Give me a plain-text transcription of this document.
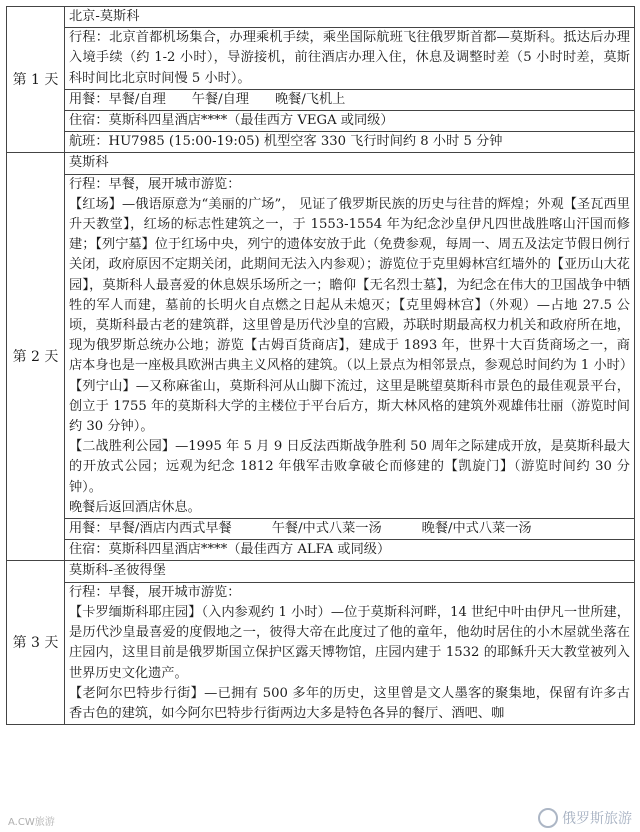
第 1 天	北京-莫斯科
	行程：北京首都机场集合，办理乘机手续，乘坐国际航班飞往俄罗斯首都—莫斯科。抵达后办理入境手续（约 1-2 小时），导游接机，前往酒店办理入住，休息及调整时差（5 小时时差，莫斯科时间比北京时间慢 5 小时）。
	用餐：早餐/自理 午餐/自理 晚餐/飞机上
	住宿：莫斯科四星酒店****（最佳西方 VEGA 或同级）
	航班：HU7985 (15:00-19:05) 机型空客 330 飞行时间约 8 小时 5 分钟
第 2 天	莫斯科

	行程：早餐，展开城市游览：
【红场】—俄语原意为“美丽的广场”， 见证了俄罗斯民族的历史与往昔的辉煌；外观【圣瓦西里升天教堂】，红场的标志性建筑之一，于 1553-1554 年为纪念沙皇伊凡四世战胜喀山汗国而修建；【列宁墓】位于红场中央，列宁的遗体安放于此（免费参观，每周一、周五及法定节假日例行关闭，政府原因不定期关闭，此期间无法入内参观）；游览位于克里姆林宫红墙外的【亚历山大花园】，莫斯科人最喜爱的休息娱乐场所之一；瞻仰【无名烈士墓】，为纪念在伟大的卫国战争中牺牲的军人而建，墓前的长明火自点燃之日起从未熄灭；【克里姆林宫】（外观）—占地 27.5 公顷，莫斯科最古老的建筑群，这里曾是历代沙皇的宫殿，苏联时期最高权力机关和政府所在地，现为俄罗斯总统办公地；游览【古姆百货商店】，建成于 1893 年，世界十大百货商场之一，商店本身也是一座极具欧洲古典主义风格的建筑。（以上景点为相邻景点，参观总时间约为 1 小时）
【列宁山】—又称麻雀山，莫斯科河从山脚下流过，这里是眺望莫斯科市景色的最佳观景平台，创立于 1755 年的莫斯科大学的主楼位于平台后方，斯大林风格的建筑外观雄伟壮丽（游览时间约 30 分钟）。
【二战胜利公园】—1995 年 5 月 9 日反法西斯战争胜利 50 周年之际建成开放，是莫斯科最大的开放式公园；远观为纪念 1812 年俄军击败拿破仑而修建的【凯旋门】（游览时间约 30 分钟）。
晚餐后返回酒店休息。

	用餐：早餐/酒店内西式早餐 午餐/中式八菜一汤 晚餐/中式八菜一汤
	住宿：莫斯科四星酒店****（最佳西方 ALFA 或同级）
第 3 天	莫斯科-圣彼得堡

	行程：早餐，展开城市游览：
【卡罗缅斯科耶庄园】（入内参观约 1 小时）—位于莫斯科河畔，14 世纪中叶由伊凡一世所建，是历代沙皇最喜爱的度假地之一，彼得大帝在此度过了他的童年，他幼时居住的小木屋就坐落在庄园内，这里目前是俄罗斯国立保护区露天博物馆，庄园内建于 1532 的耶稣升天大教堂被列入世界历史文化遗产。
【老阿尔巴特步行街】—已拥有 500 多年的历史，这里曾是文人墨客的聚集地，保留有许多古香古色的建筑，如今阿尔巴特步行街两边大多是特色各异的餐厅、酒吧、咖
A.CW旅游	俄罗斯旅游
